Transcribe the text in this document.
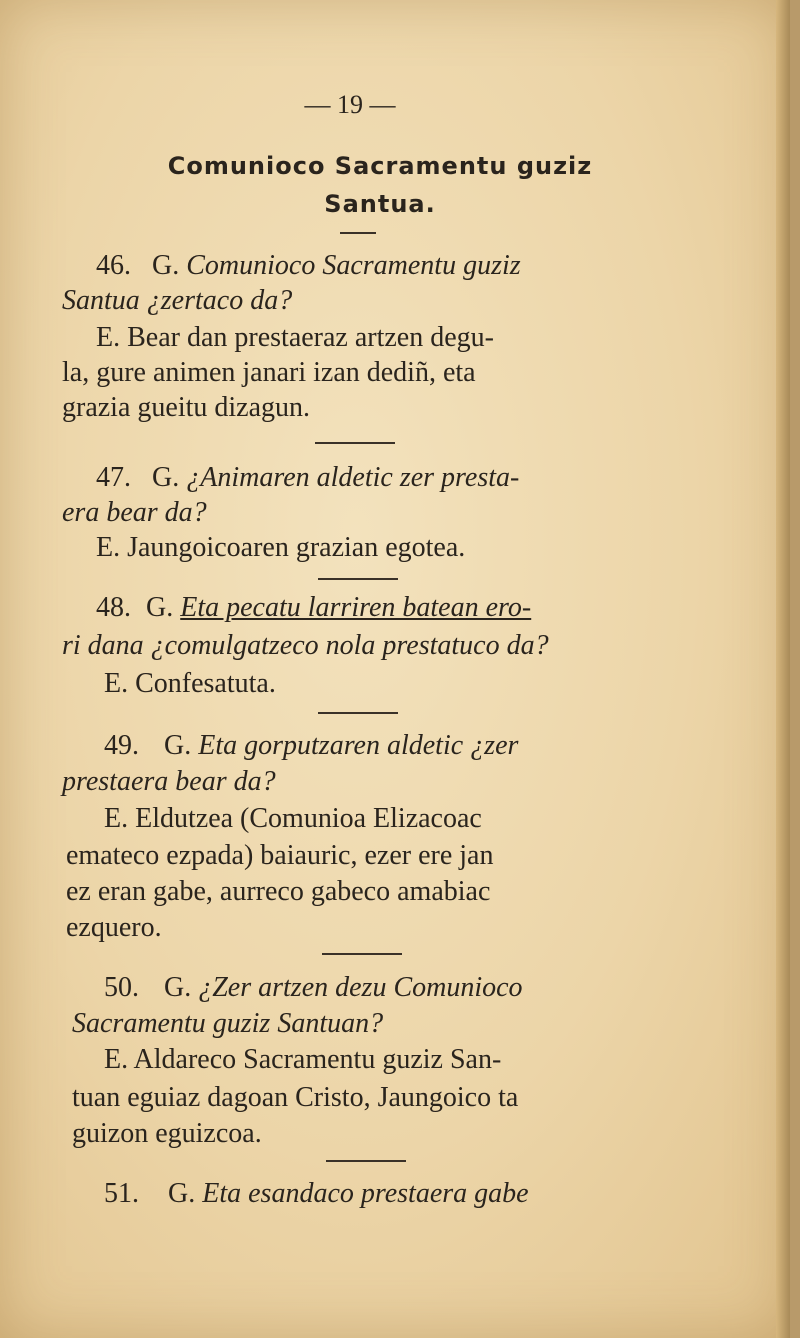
— 19 —
Comunioco Sacramentu guziz
Santua.
46. G. Comunioco Sacramentu guziz
Santua ¿zertaco da?
E. Bear dan prestaeraz artzen degu-
la, gure animen janari izan dediñ, eta
grazia gueitu dizagun.
47. G. ¿Animaren aldetic zer presta-
era bear da?
E. Jaungoicoaren grazian egotea.
48. G. Eta pecatu larriren batean ero-
ri dana ¿comulgatzeco nola prestatuco da?
E. Confesatuta.
49. G. Eta gorputzaren aldetic ¿zer
prestaera bear da?
E. Eldutzea (Comunioa Elizacoac
emateco ezpada) baiauric, ezer ere jan
ez eran gabe, aurreco gabeco amabiac
ezquero.
50. G. ¿Zer artzen dezu Comunioco
Sacramentu guziz Santuan?
E. Aldareco Sacramentu guziz San-
tuan eguiaz dagoan Cristo, Jaungoico ta
guizon eguizcoa.
51. G. Eta esandaco prestaera gabe
